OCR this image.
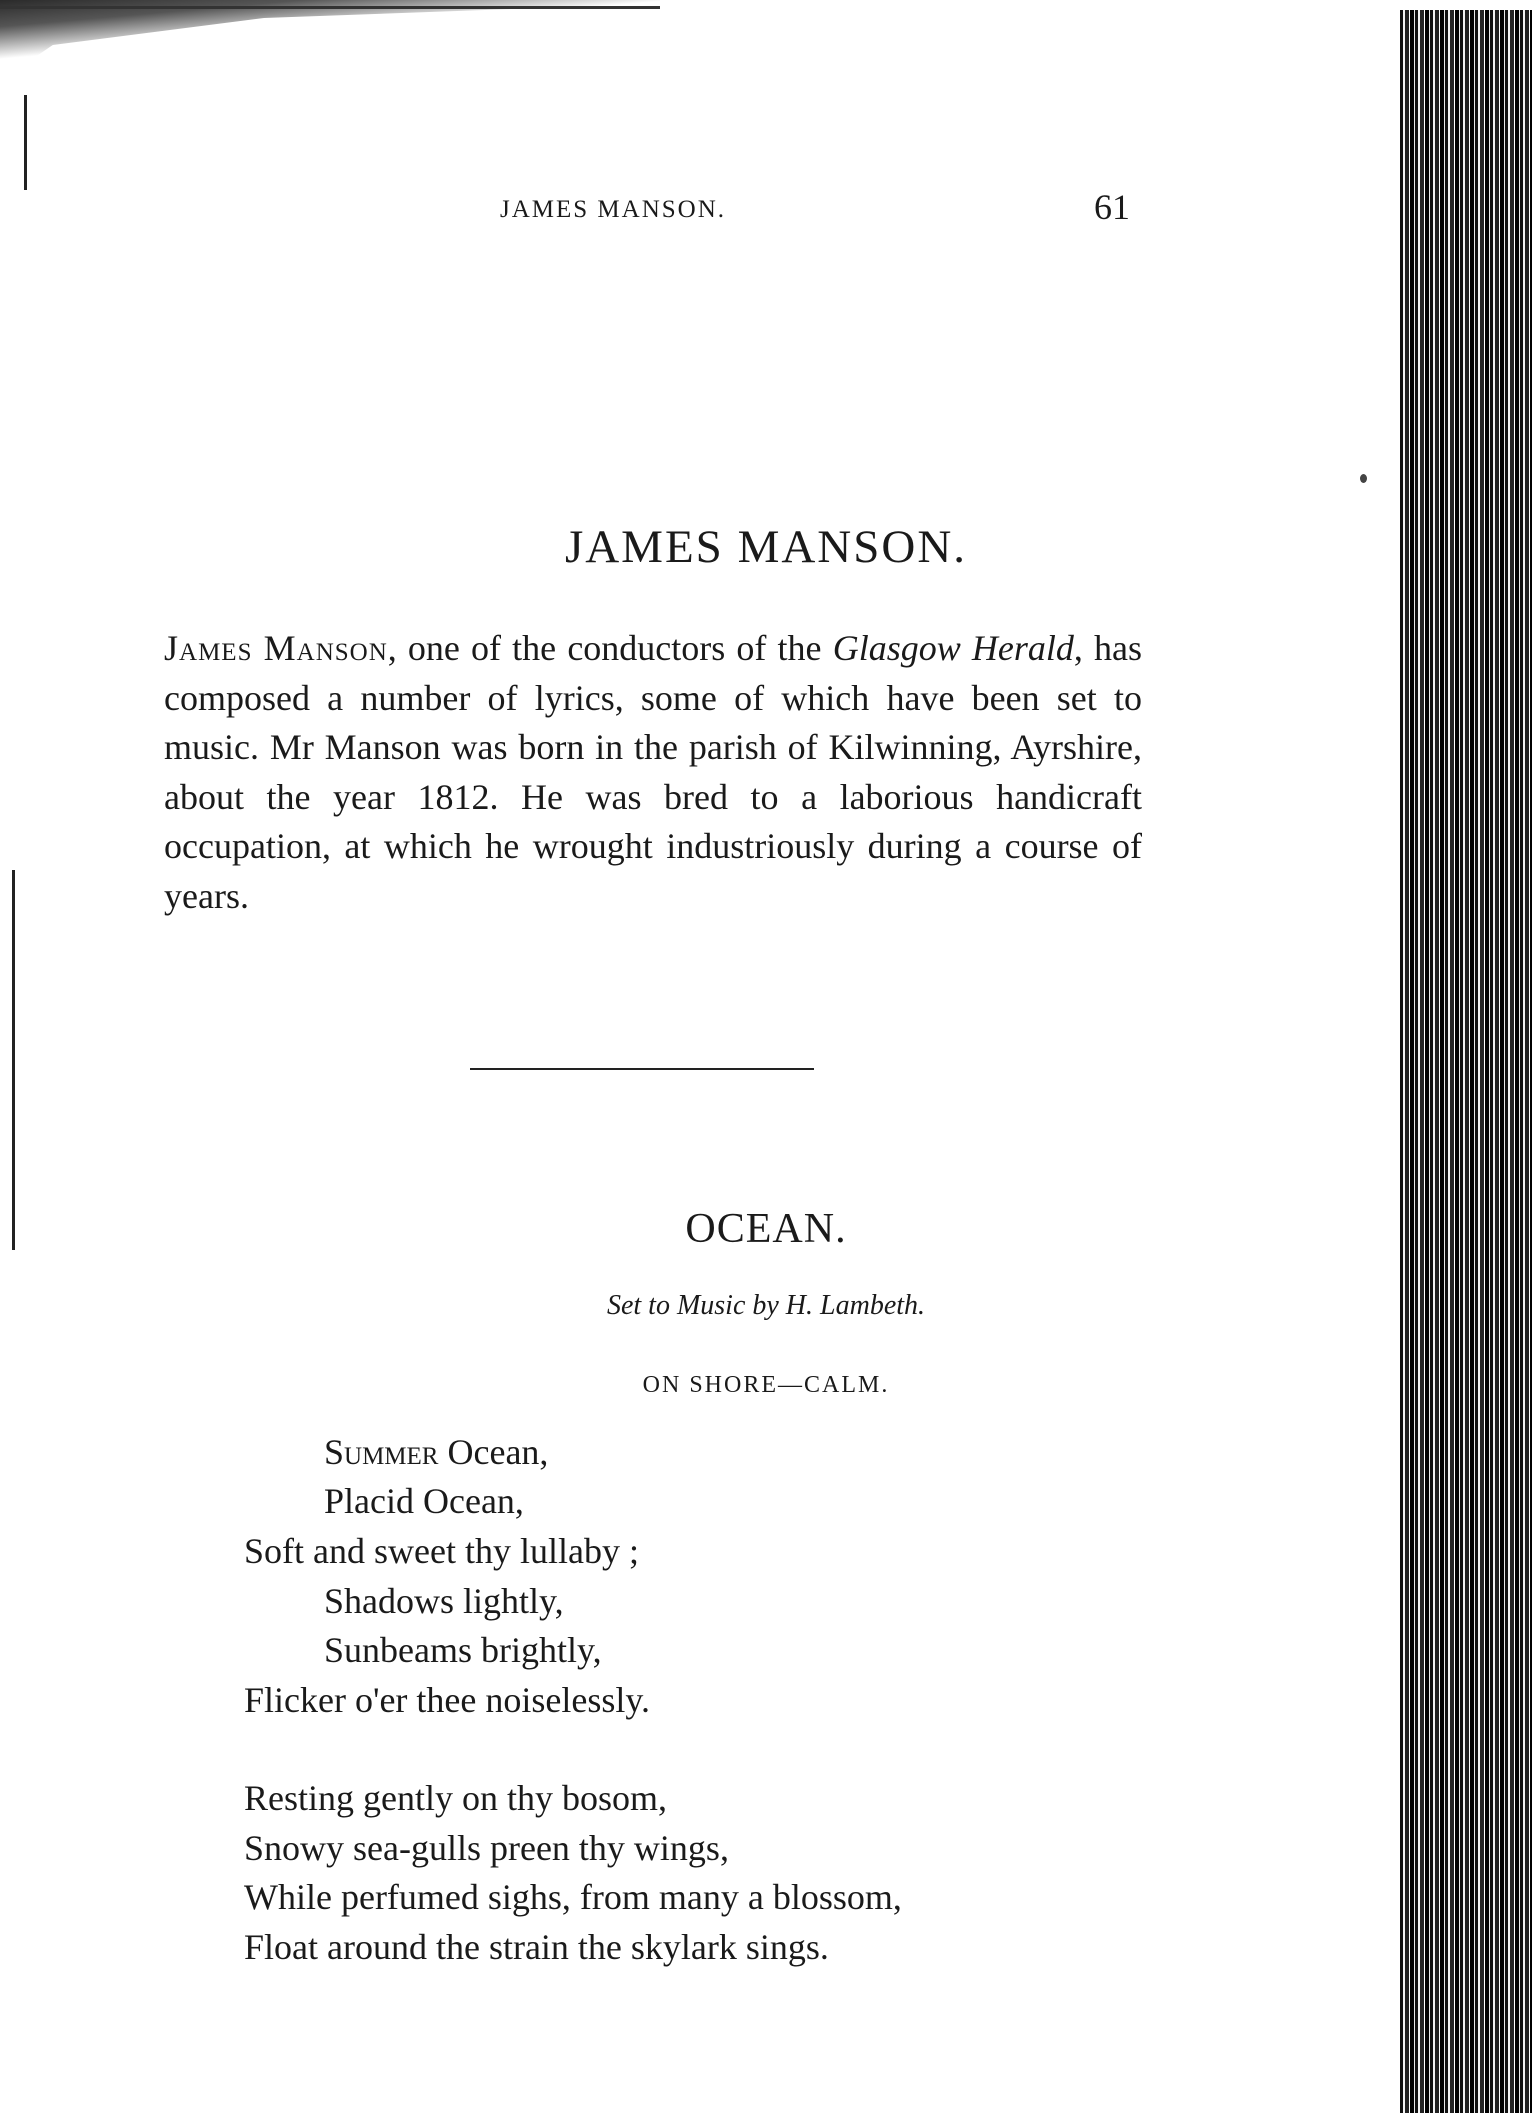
JAMES MANSON.	61
JAMES MANSON.
James Manson, one of the conductors of the Glasgow Herald, has composed a number of lyrics, some of which have been set to music. Mr Manson was born in the parish of Kilwinning, Ayrshire, about the year 1812. He was bred to a laborious handicraft occupation, at which he wrought industriously during a course of years.
OCEAN.
Set to Music by H. Lambeth.
ON SHORE—CALM.
Summer Ocean,
Placid Ocean,
Soft and sweet thy lullaby ;
Shadows lightly,
Sunbeams brightly,
Flicker o'er thee noiselessly.
Resting gently on thy bosom,
Snowy sea-gulls preen thy wings,
While perfumed sighs, from many a blossom,
Float around the strain the skylark sings.
